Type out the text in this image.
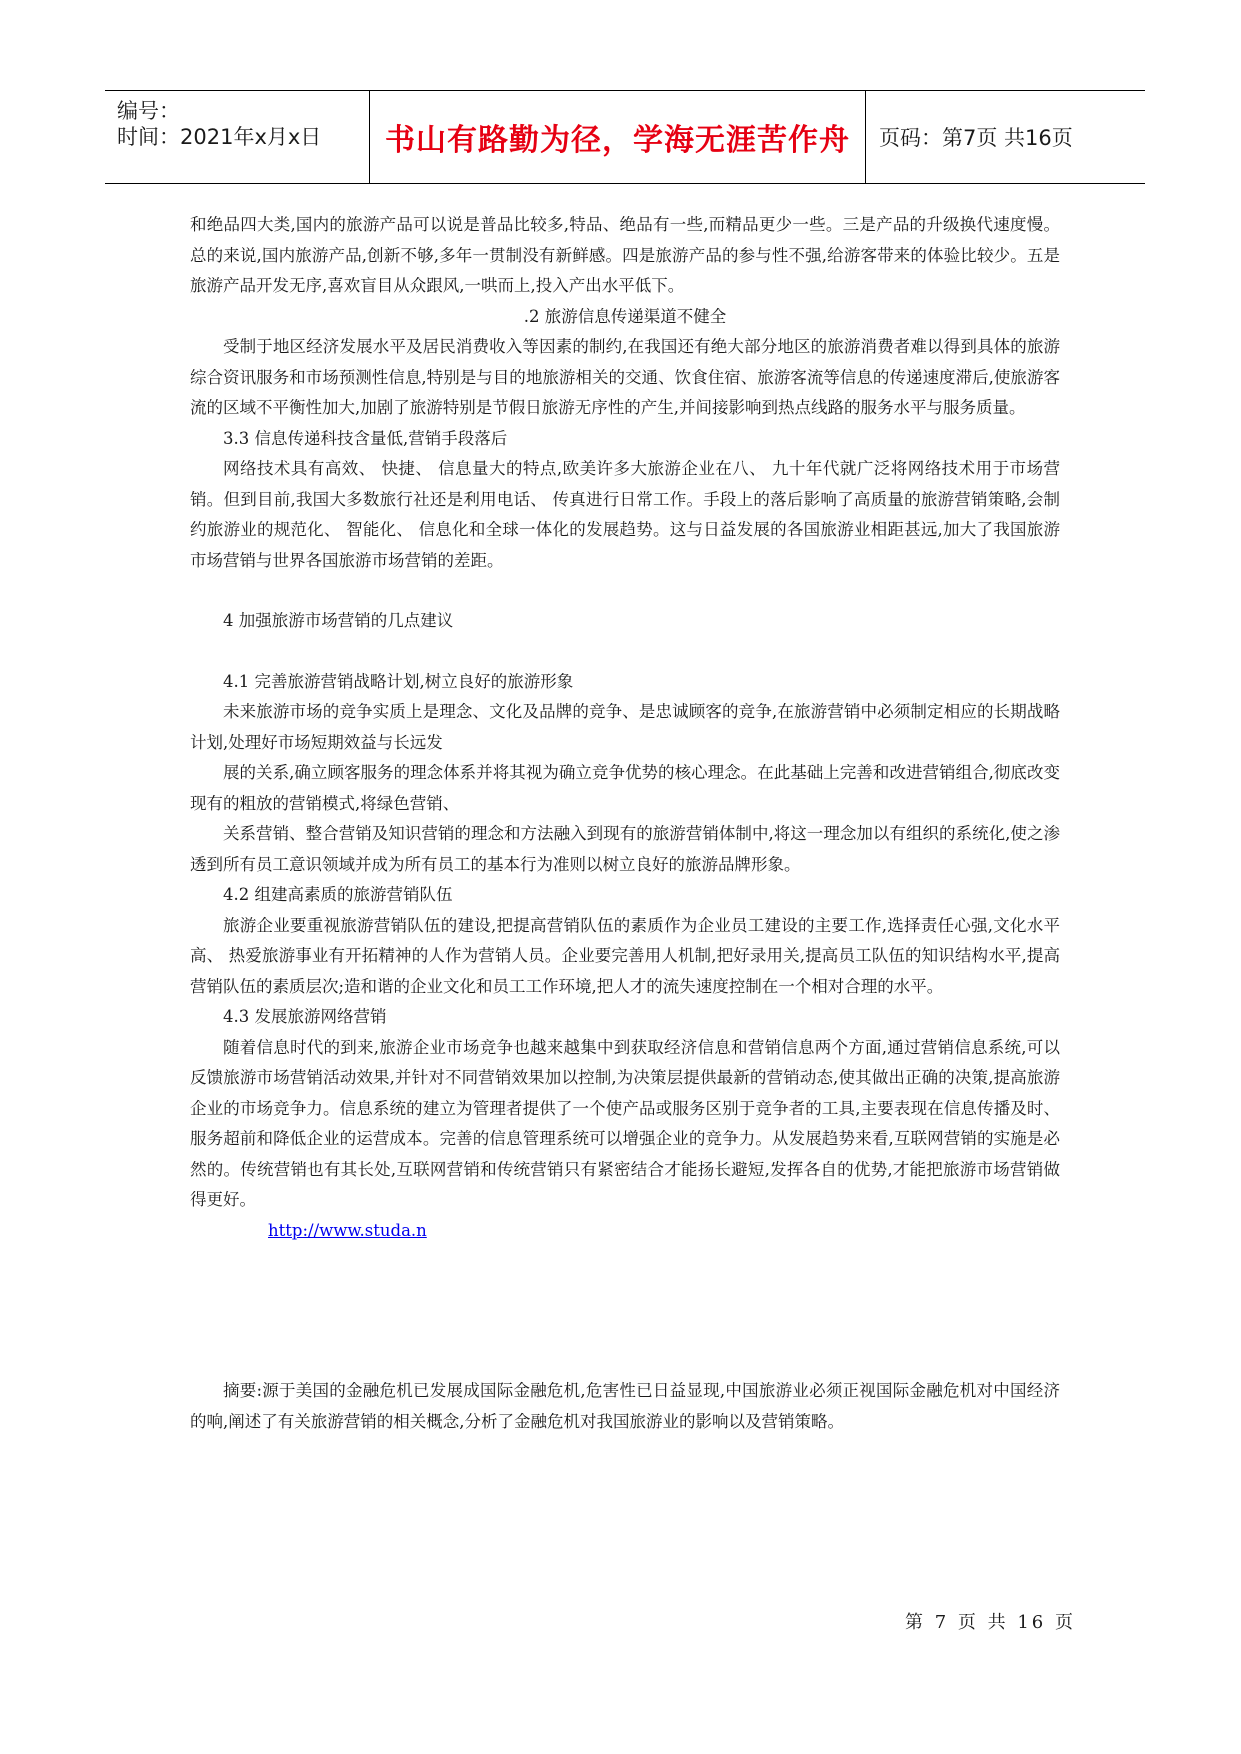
编号：
时间：2021年x月x日 书山有路勤为径，学海无涯苦作舟 页码：第7页 共16页

和绝品四大类,国内的旅游产品可以说是普品比较多,特品、绝品有一些,而精品更少一些。三是产品的升级换代速度慢。总的来说,国内旅游产品,创新不够,多年一贯制没有新鲜感。四是旅游产品的参与性不强,给游客带来的体验比较少。五是旅游产品开发无序,喜欢盲目从众跟风,一哄而上,投入产出水平低下。

.2 旅游信息传递渠道不健全

受制于地区经济发展水平及居民消费收入等因素的制约,在我国还有绝大部分地区的旅游消费者难以得到具体的旅游综合资讯服务和市场预测性信息,特别是与目的地旅游相关的交通、饮食住宿、旅游客流等信息的传递速度滞后,使旅游客流的区域不平衡性加大,加剧了旅游特别是节假日旅游无序性的产生,并间接影响到热点线路的服务水平与服务质量。

3.3 信息传递科技含量低,营销手段落后

网络技术具有高效、 快捷、 信息量大的特点,欧美许多大旅游企业在八、 九十年代就广泛将网络技术用于市场营销。但到目前,我国大多数旅行社还是利用电话、 传真进行日常工作。手段上的落后影响了高质量的旅游营销策略,会制约旅游业的规范化、 智能化、 信息化和全球一体化的发展趋势。这与日益发展的各国旅游业相距甚远,加大了我国旅游市场营销与世界各国旅游市场营销的差距。

4 加强旅游市场营销的几点建议

4.1 完善旅游营销战略计划,树立良好的旅游形象

未来旅游市场的竞争实质上是理念、文化及品牌的竞争、是忠诚顾客的竞争,在旅游营销中必须制定相应的长期战略计划,处理好市场短期效益与长远发

展的关系,确立顾客服务的理念体系并将其视为确立竞争优势的核心理念。在此基础上完善和改进营销组合,彻底改变现有的粗放的营销模式,将绿色营销、

关系营销、整合营销及知识营销的理念和方法融入到现有的旅游营销体制中,将这一理念加以有组织的系统化,使之渗透到所有员工意识领域并成为所有员工的基本行为准则以树立良好的旅游品牌形象。

4.2 组建高素质的旅游营销队伍

旅游企业要重视旅游营销队伍的建设,把提高营销队伍的素质作为企业员工建设的主要工作,选择责任心强,文化水平高、 热爱旅游事业有开拓精神的人作为营销人员。企业要完善用人机制,把好录用关,提高员工队伍的知识结构水平,提高营销队伍的素质层次;造和谐的企业文化和员工工作环境,把人才的流失速度控制在一个相对合理的水平。

4.3 发展旅游网络营销

随着信息时代的到来,旅游企业市场竞争也越来越集中到获取经济信息和营销信息两个方面,通过营销信息系统,可以反馈旅游市场营销活动效果,并针对不同营销效果加以控制,为决策层提供最新的营销动态,使其做出正确的决策,提高旅游企业的市场竞争力。信息系统的建立为管理者提供了一个使产品或服务区别于竞争者的工具,主要表现在信息传播及时、 服务超前和降低企业的运营成本。完善的信息管理系统可以增强企业的竞争力。从发展趋势来看,互联网营销的实施是必然的。传统营销也有其长处,互联网营销和传统营销只有紧密结合才能扬长避短,发挥各自的优势,才能把旅游市场营销做得更好。

http://www.studa.n

摘要:源于美国的金融危机已发展成国际金融危机,危害性已日益显现,中国旅游业必须正视国际金融危机对中国经济的响,阐述了有关旅游营销的相关概念,分析了金融危机对我国旅游业的影响以及营销策略。

第 7 页 共 16 页
